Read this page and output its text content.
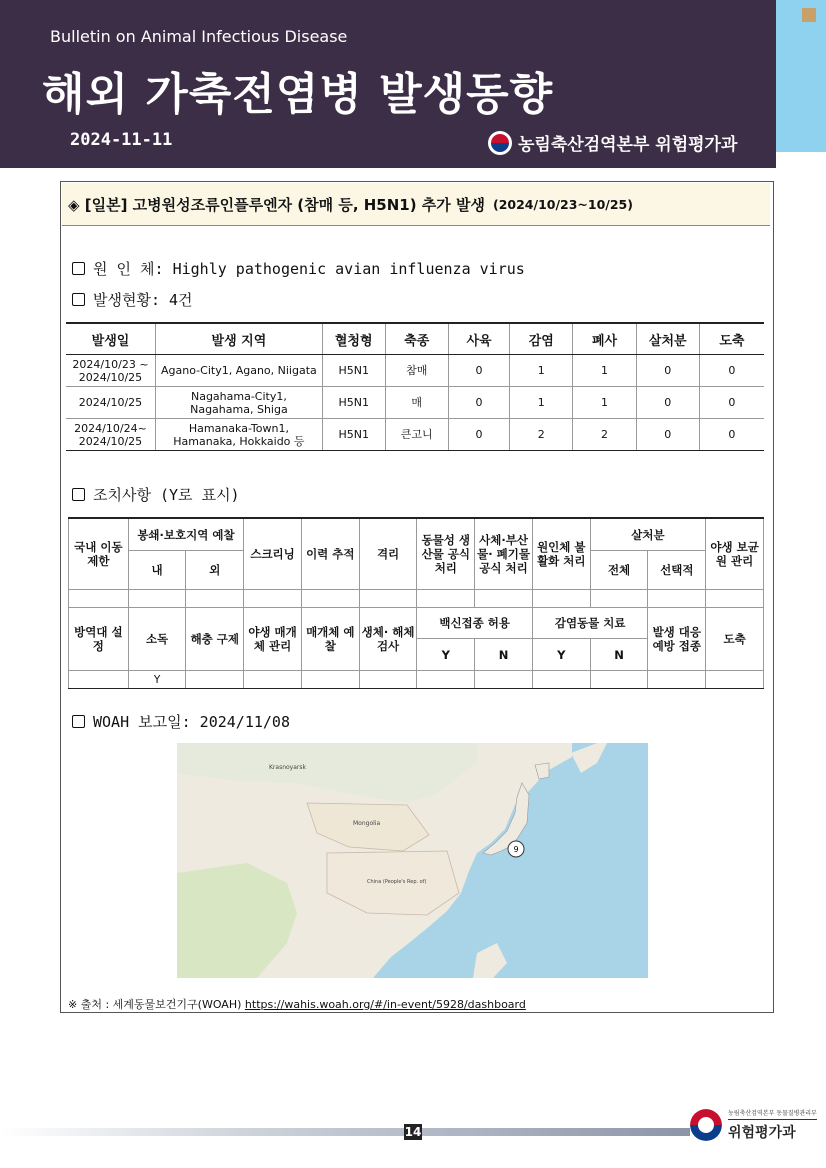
Bulletin on Animal Infectious Disease
해외 가축전염병 발생동향
2024-11-11	농림축산검역본부 위험평가과
◈ [일본] 고병원성조류인플루엔자 (참매 등, H5N1) 추가 발생 (2024/10/23~10/25)
원 인 체: Highly pathogenic avian influenza virus
발생현황: 4건
발생일	발생 지역	혈청형	축종	사육	감염	폐사	살처분	도축
2024/10/23 ~ 2024/10/25	Agano-City1, Agano, Niigata	H5N1	참매	0	1	1	0	0
2024/10/25	Nagahama-City1, Nagahama, Shiga	H5N1	매	0	1	1	0	0
2024/10/24~ 2024/10/25	Hamanaka-Town1, Hamanaka, Hokkaido 등	H5N1	큰고니	0	2	2	0	0
조치사항 (Y로 표시)
국내 이동 제한	봉쇄·보호지역 예찰		스크리닝	이력 추적	격리	동물성 생산물 공식 처리	사체·부산물· 폐기물 공식 처리	원인체 불활화 처리	살처분		야생 보균원 관리
	내	외							전체	선택적	

방역대 설정	소독	해충 구제	야생 매개체 관리	매개체 예찰	생체· 해체 검사	백신접종 허용		감염동물 치료		발생 대응 예방 접종	도축
						Y	N	Y	N		
	Y										
WOAH 보고일: 2024/11/08
9
Krasnoyarsk
Mongolia
China (People's Rep. of)
※ 출처 : 세계동물보건기구(WOAH) https://wahis.woah.org/#/in-event/5928/dashboard
14
농림축산검역본부 동물질병관리부
위험평가과
